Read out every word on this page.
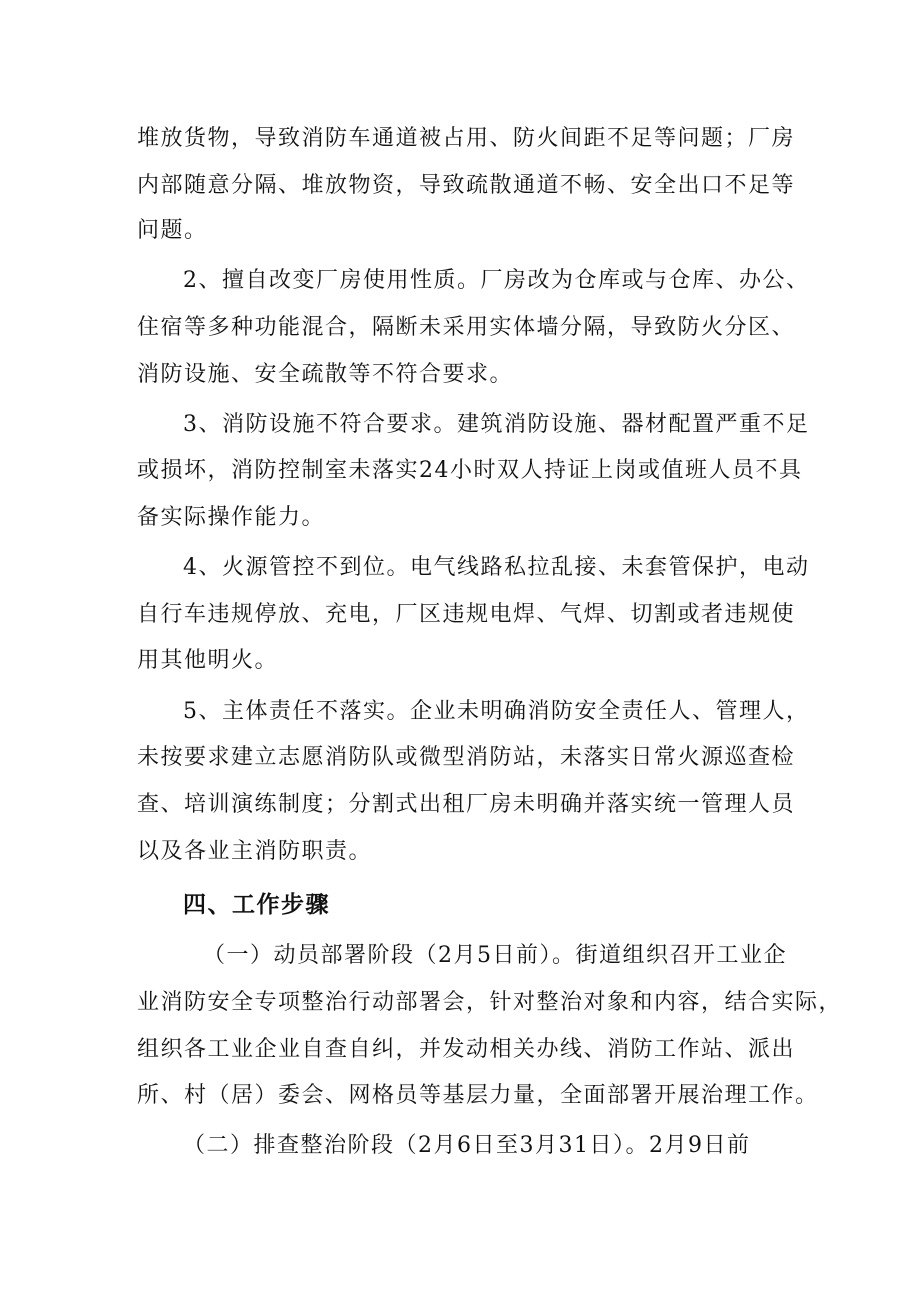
堆放货物，导致消防车通道被占用、防火间距不足等问题；厂房
内部随意分隔、堆放物资，导致疏散通道不畅、安全出口不足等
问题。
2、擅自改变厂房使用性质。厂房改为仓库或与仓库、办公、
住宿等多种功能混合，隔断未采用实体墙分隔，导致防火分区、
消防设施、安全疏散等不符合要求。
3、消防设施不符合要求。建筑消防设施、器材配置严重不足
或损坏，消防控制室未落实24小时双人持证上岗或值班人员不具
备实际操作能力。
4、火源管控不到位。电气线路私拉乱接、未套管保护，电动
自行车违规停放、充电，厂区违规电焊、气焊、切割或者违规使
用其他明火。
5、主体责任不落实。企业未明确消防安全责任人、管理人，
未按要求建立志愿消防队或微型消防站，未落实日常火源巡查检
查、培训演练制度；分割式出租厂房未明确并落实统一管理人员
以及各业主消防职责。
四、工作步骤
（一）动员部署阶段（2月5日前）。街道组织召开工业企
业消防安全专项整治行动部署会，针对整治对象和内容，结合实际，
组织各工业企业自查自纠，并发动相关办线、消防工作站、派出
所、村（居）委会、网格员等基层力量，全面部署开展治理工作。
（二）排查整治阶段（2月6日至3月31日）。2月9日前
